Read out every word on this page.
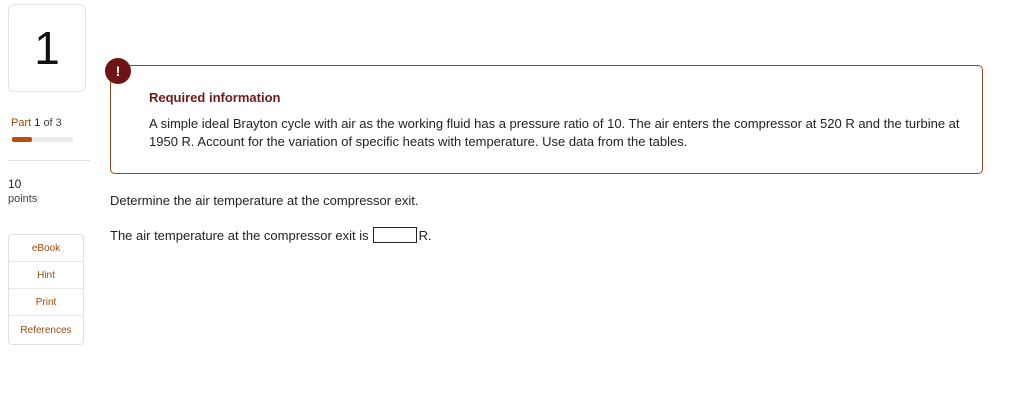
1
Part 1 of 3
10
points
eBook
Hint
Print
References
!
Required information
A simple ideal Brayton cycle with air as the working fluid has a pressure ratio of 10. The air enters the compressor at 520 R and the turbine at 1950 R. Account for the variation of specific heats with temperature. Use data from the tables.
Determine the air temperature at the compressor exit.
The air temperature at the compressor exit is	R.
